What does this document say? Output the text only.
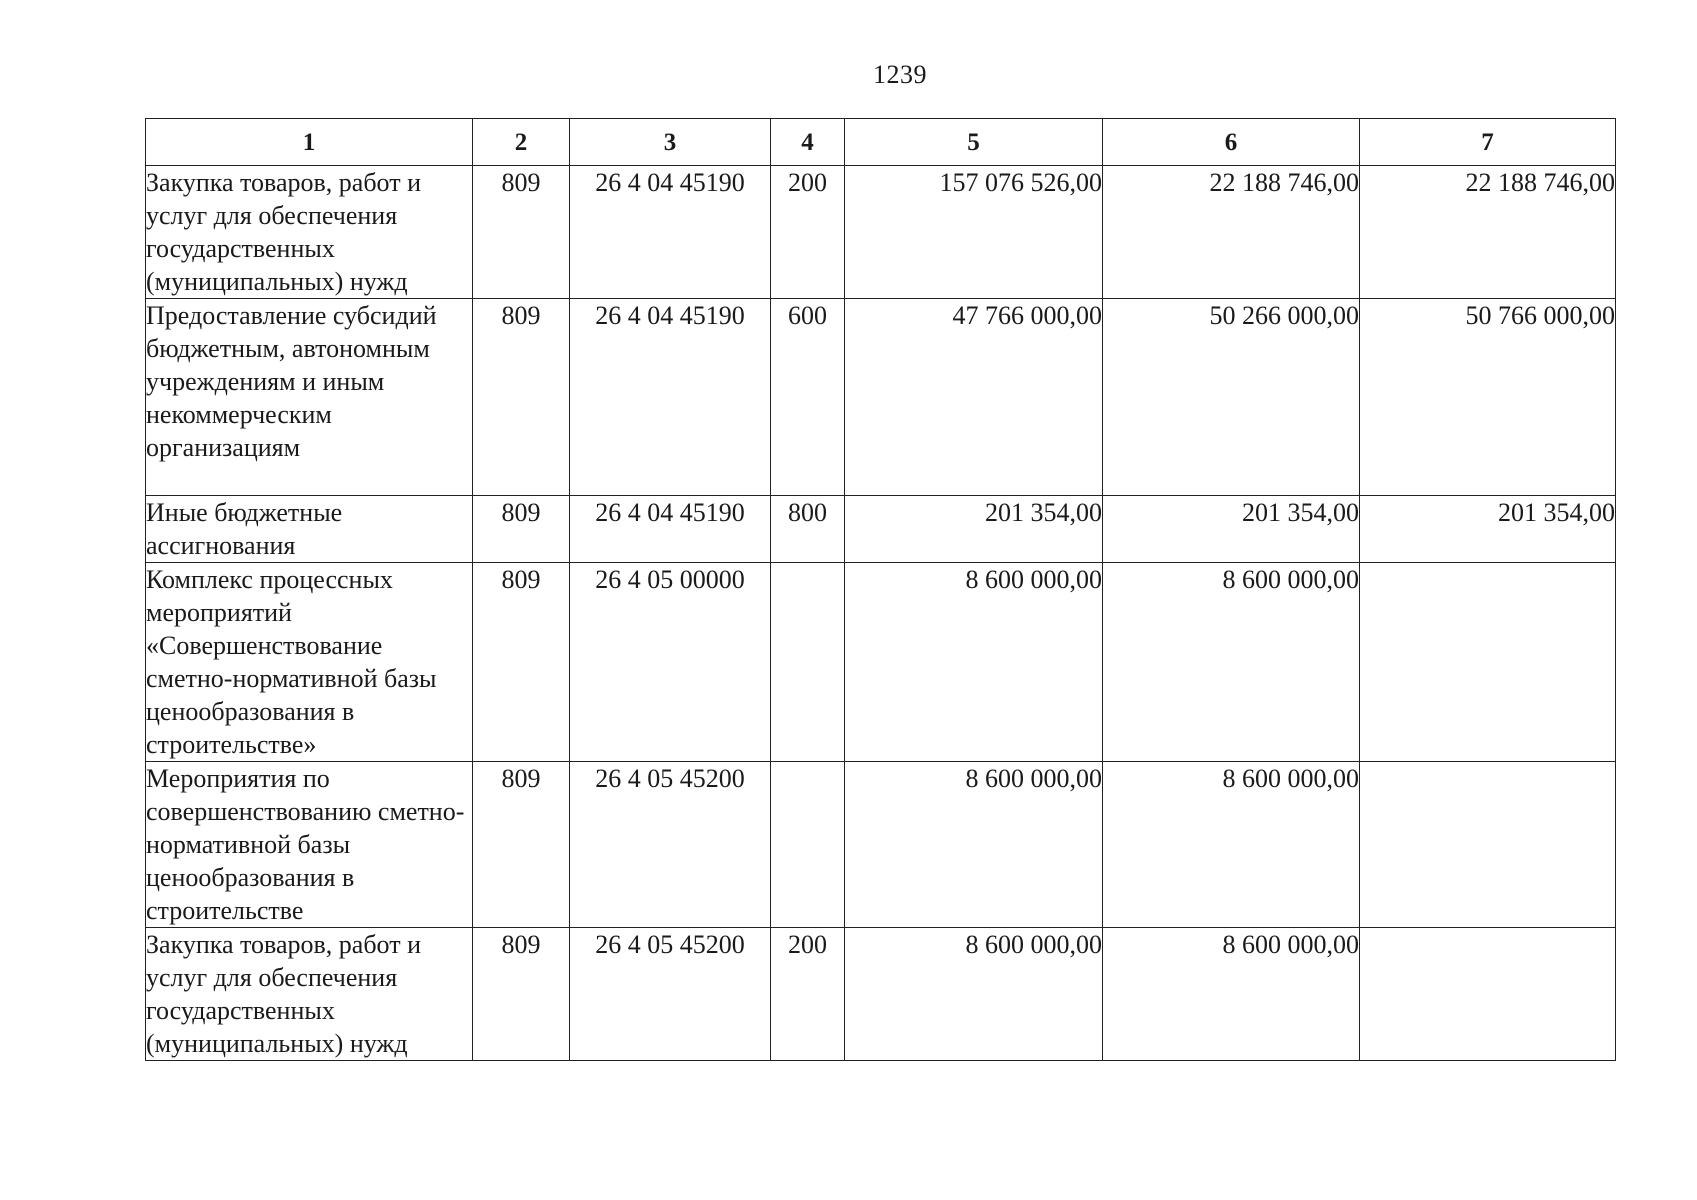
1239
1	2	3	4	5	6	7
Закупка товаров, работ и услуг для обеспечения государственных (муниципальных) нужд	809	26 4 04 45190	200	157 076 526,00	22 188 746,00	22 188 746,00
Предоставление субсидий бюджетным, автономным учреждениям и иным некоммерческим организациям	809	26 4 04 45190	600	47 766 000,00	50 266 000,00	50 766 000,00
Иные бюджетные ассигнования	809	26 4 04 45190	800	201 354,00	201 354,00	201 354,00
Комплекс процессных мероприятий «Совершенствование сметно-нормативной базы ценообразования в строительстве»	809	26 4 05 00000		8 600 000,00	8 600 000,00	
Мероприятия по совершенствованию сметно-нормативной базы ценообразования в строительстве	809	26 4 05 45200		8 600 000,00	8 600 000,00	
Закупка товаров, работ и услуг для обеспечения государственных (муниципальных) нужд	809	26 4 05 45200	200	8 600 000,00	8 600 000,00	
